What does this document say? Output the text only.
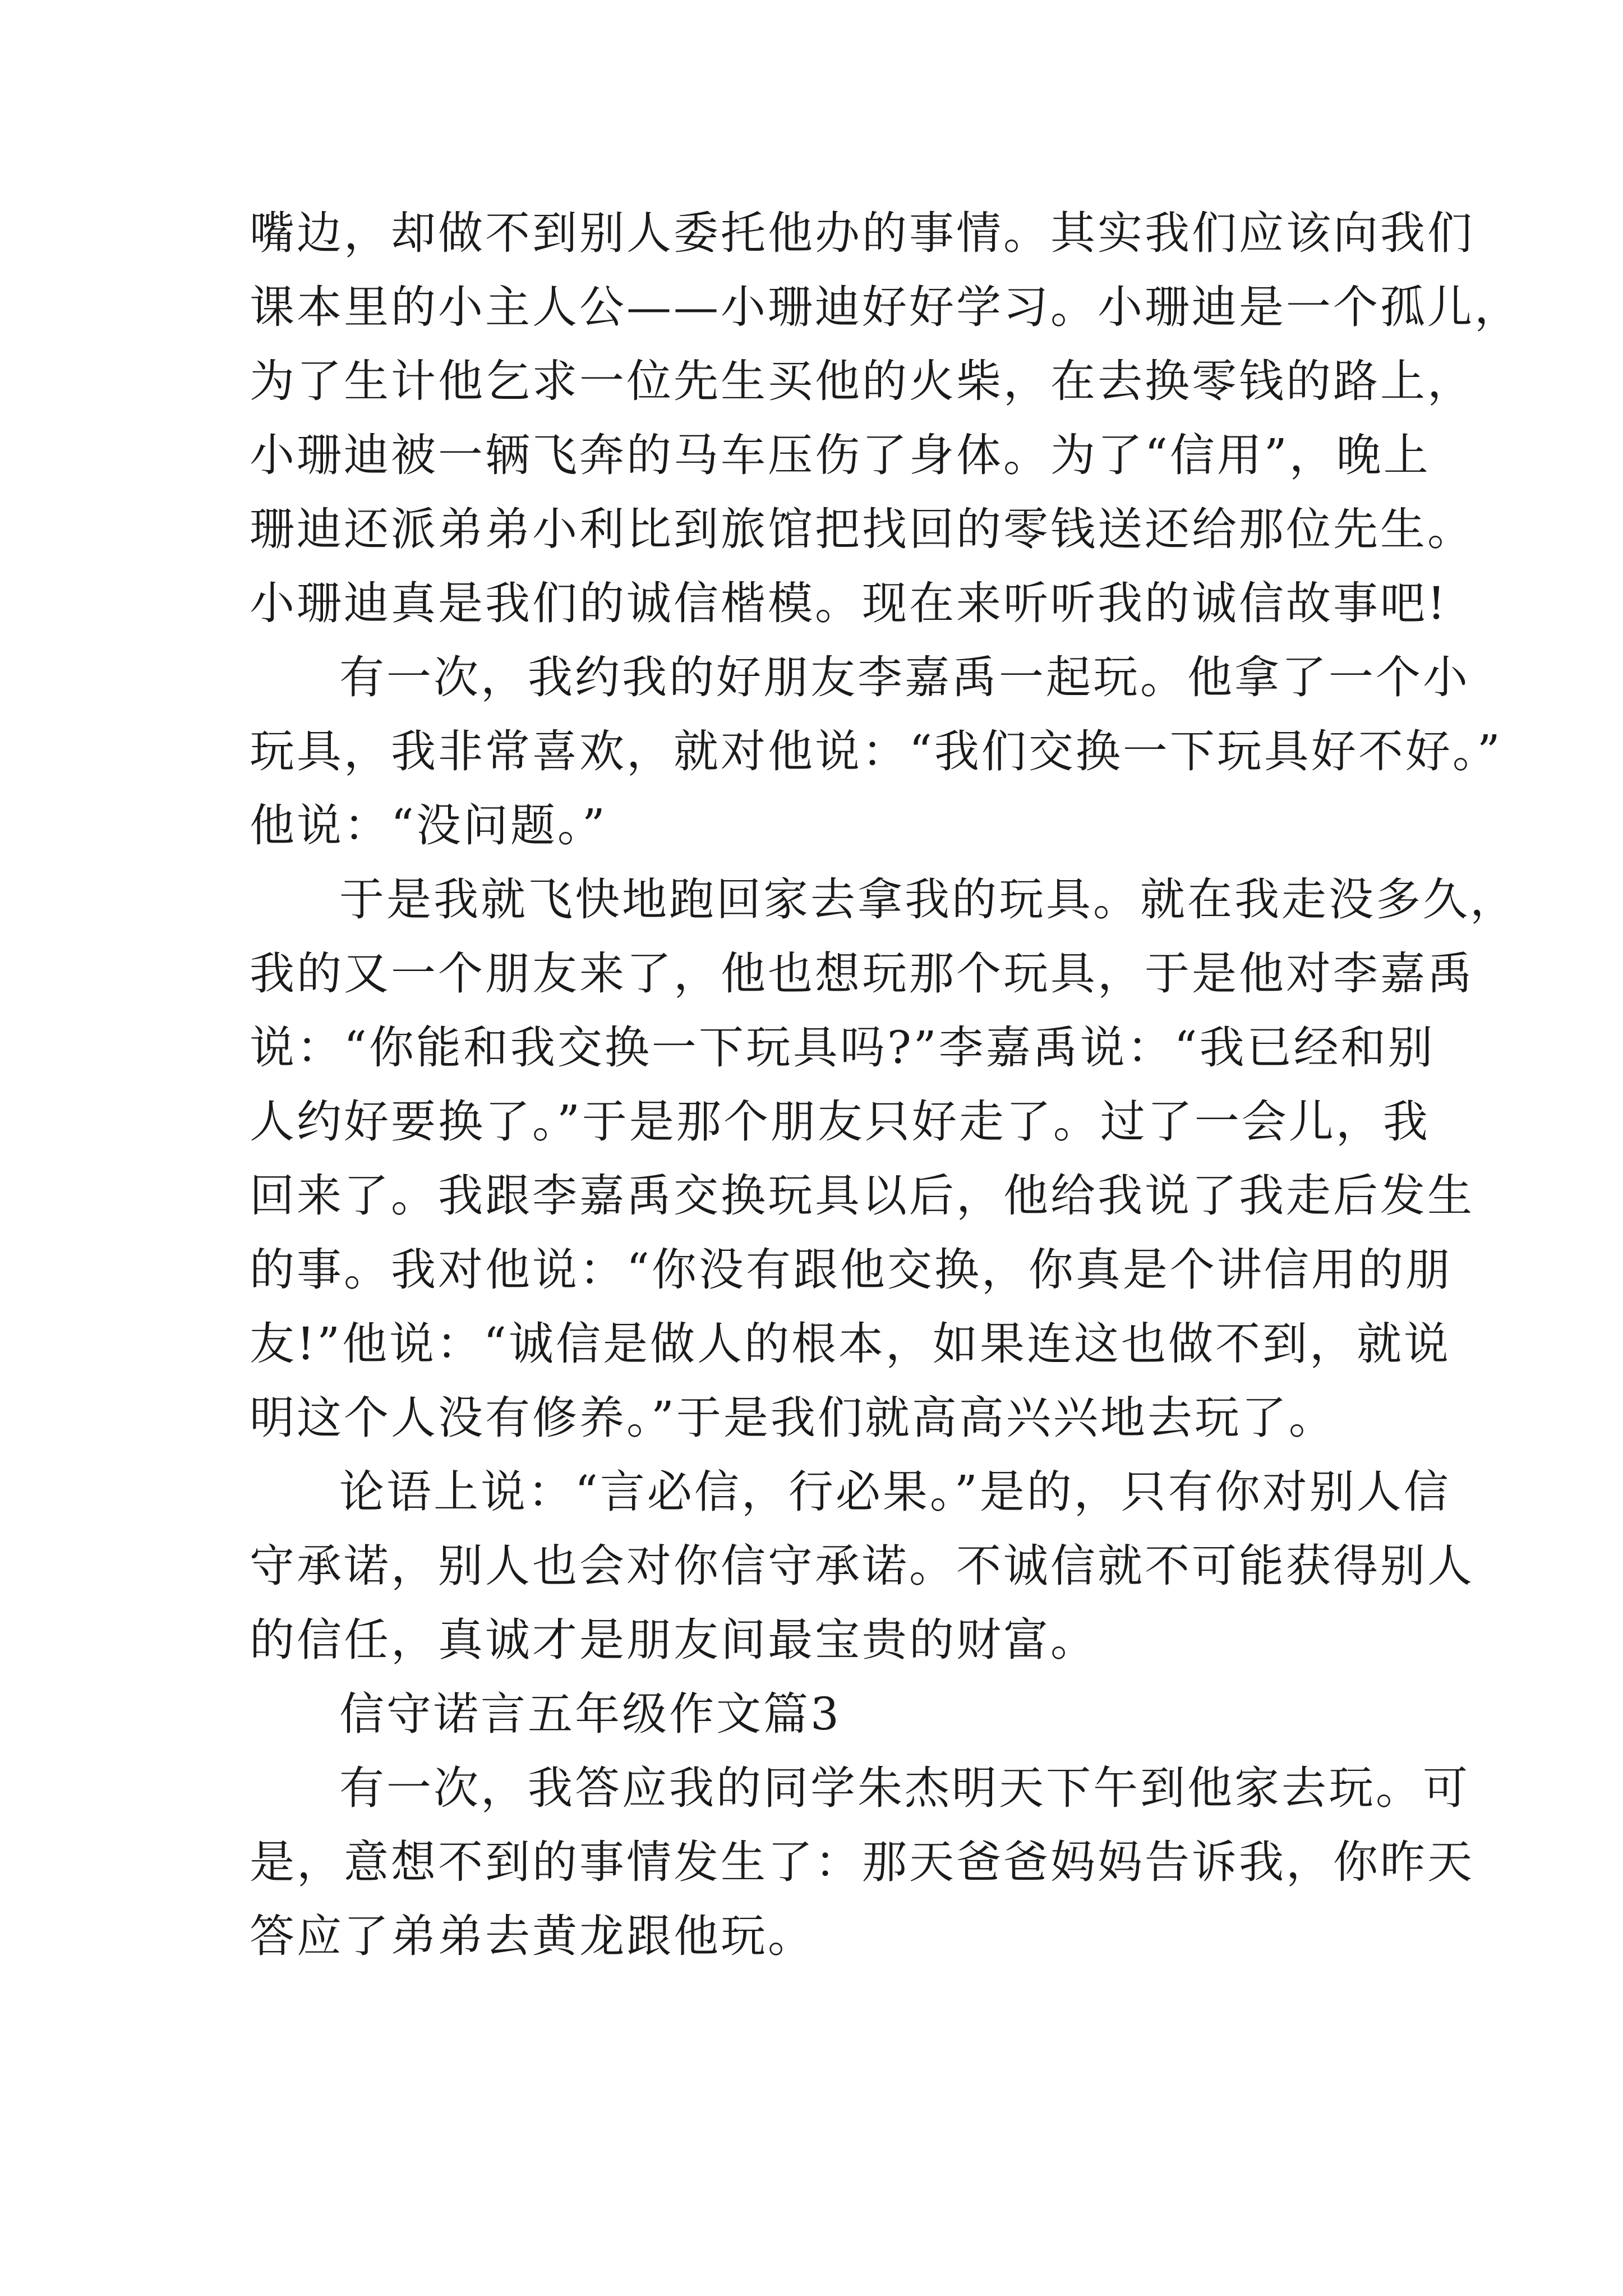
嘴边，却做不到别人委托他办的事情。其实我们应该向我们
课本里的小主人公——小珊迪好好学习。小珊迪是一个孤儿，
为了生计他乞求一位先生买他的火柴，在去换零钱的路上，
小珊迪被一辆飞奔的马车压伤了身体。为了“信用”，晚上
珊迪还派弟弟小利比到旅馆把找回的零钱送还给那位先生。
小珊迪真是我们的诚信楷模。现在来听听我的诚信故事吧!
有一次，我约我的好朋友李嘉禹一起玩。他拿了一个小
玩具，我非常喜欢，就对他说：“我们交换一下玩具好不好。”
他说：“没问题。”
于是我就飞快地跑回家去拿我的玩具。就在我走没多久，
我的又一个朋友来了，他也想玩那个玩具，于是他对李嘉禹
说：“你能和我交换一下玩具吗?”李嘉禹说：“我已经和别
人约好要换了。”于是那个朋友只好走了。过了一会儿，我
回来了。我跟李嘉禹交换玩具以后，他给我说了我走后发生
的事。我对他说：“你没有跟他交换，你真是个讲信用的朋
友!”他说：“诚信是做人的根本，如果连这也做不到，就说
明这个人没有修养。”于是我们就高高兴兴地去玩了。
论语上说：“言必信，行必果。”是的，只有你对别人信
守承诺，别人也会对你信守承诺。不诚信就不可能获得别人
的信任，真诚才是朋友间最宝贵的财富。
信守诺言五年级作文篇3
有一次，我答应我的同学朱杰明天下午到他家去玩。可
是，意想不到的事情发生了：那天爸爸妈妈告诉我，你昨天
答应了弟弟去黄龙跟他玩。
